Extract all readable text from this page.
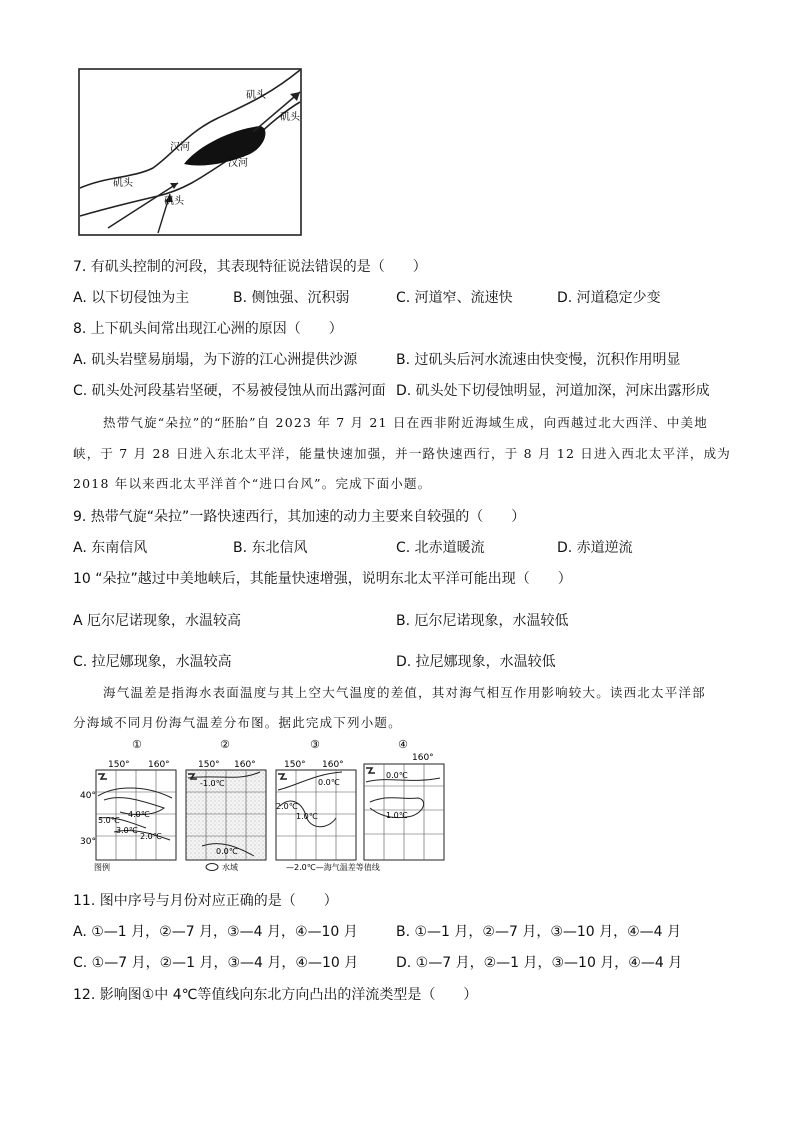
矶头
矶头
矶头
矶头
汉河
汉河
7. 有矶头控制的河段，其表现特征说法错误的是（　　）
A. 以下切侵蚀为主	B. 侧蚀强、沉积弱	C. 河道窄、流速快	D. 河道稳定少变
8. 上下矶头间常出现江心洲的原因（　　）
A. 矶头岩壁易崩塌，为下游的江心洲提供沙源	B. 过矶头后河水流速由快变慢，沉积作用明显
C. 矶头处河段基岩坚硬，不易被侵蚀从而出露河面 D. 矶头处下切侵蚀明显，河道加深，河床出露形成
热带气旋“朵拉”的“胚胎”自 2023 年 7 月 21 日在西非附近海域生成，向西越过北大西洋、中美地
峡，于 7 月 28 日进入东北太平洋，能量快速加强，并一路快速西行，于 8 月 12 日进入西北太平洋，成为
2018 年以来西北太平洋首个“进口台风”。完成下面小题。
9. 热带气旋“朵拉”一路快速西行，其加速的动力主要来自较强的（　　）
A. 东南信风	B. 东北信风	C. 北赤道暖流	D. 赤道逆流
10 “朵拉”越过中美地峡后，其能量快速增强，说明东北太平洋可能出现（　　）
A 厄尔尼诺现象，水温较高	B. 厄尔尼诺现象，水温较低
C. 拉尼娜现象，水温较高	D. 拉尼娜现象，水温较低
海气温差是指海水表面温度与其上空大气温度的差值，其对海气相互作用影响较大。读西北太平洋部
分海域不同月份海气温差分布图。据此完成下列小题。
①
150° 160°
5.0℃
4.0℃
3.0℃
2.0℃
40°
30°
②
150° 160°
-1.0℃
0.0℃
③
150° 160°
0.0℃
2.0℃
1.0℃
④
160°
0.0℃
1.0℃
图例	水域	—2.0℃—海气温差等值线
11. 图中序号与月份对应正确的是（　　）
A. ①—1 月，②—7 月，③—4 月，④—10 月	B. ①—1 月，②—7 月，③—10 月，④—4 月
C. ①—7 月，②—1 月，③—4 月，④—10 月	D. ①—7 月，②—1 月，③—10 月，④—4 月
12. 影响图①中 4℃等值线向东北方向凸出的洋流类型是（　　）
